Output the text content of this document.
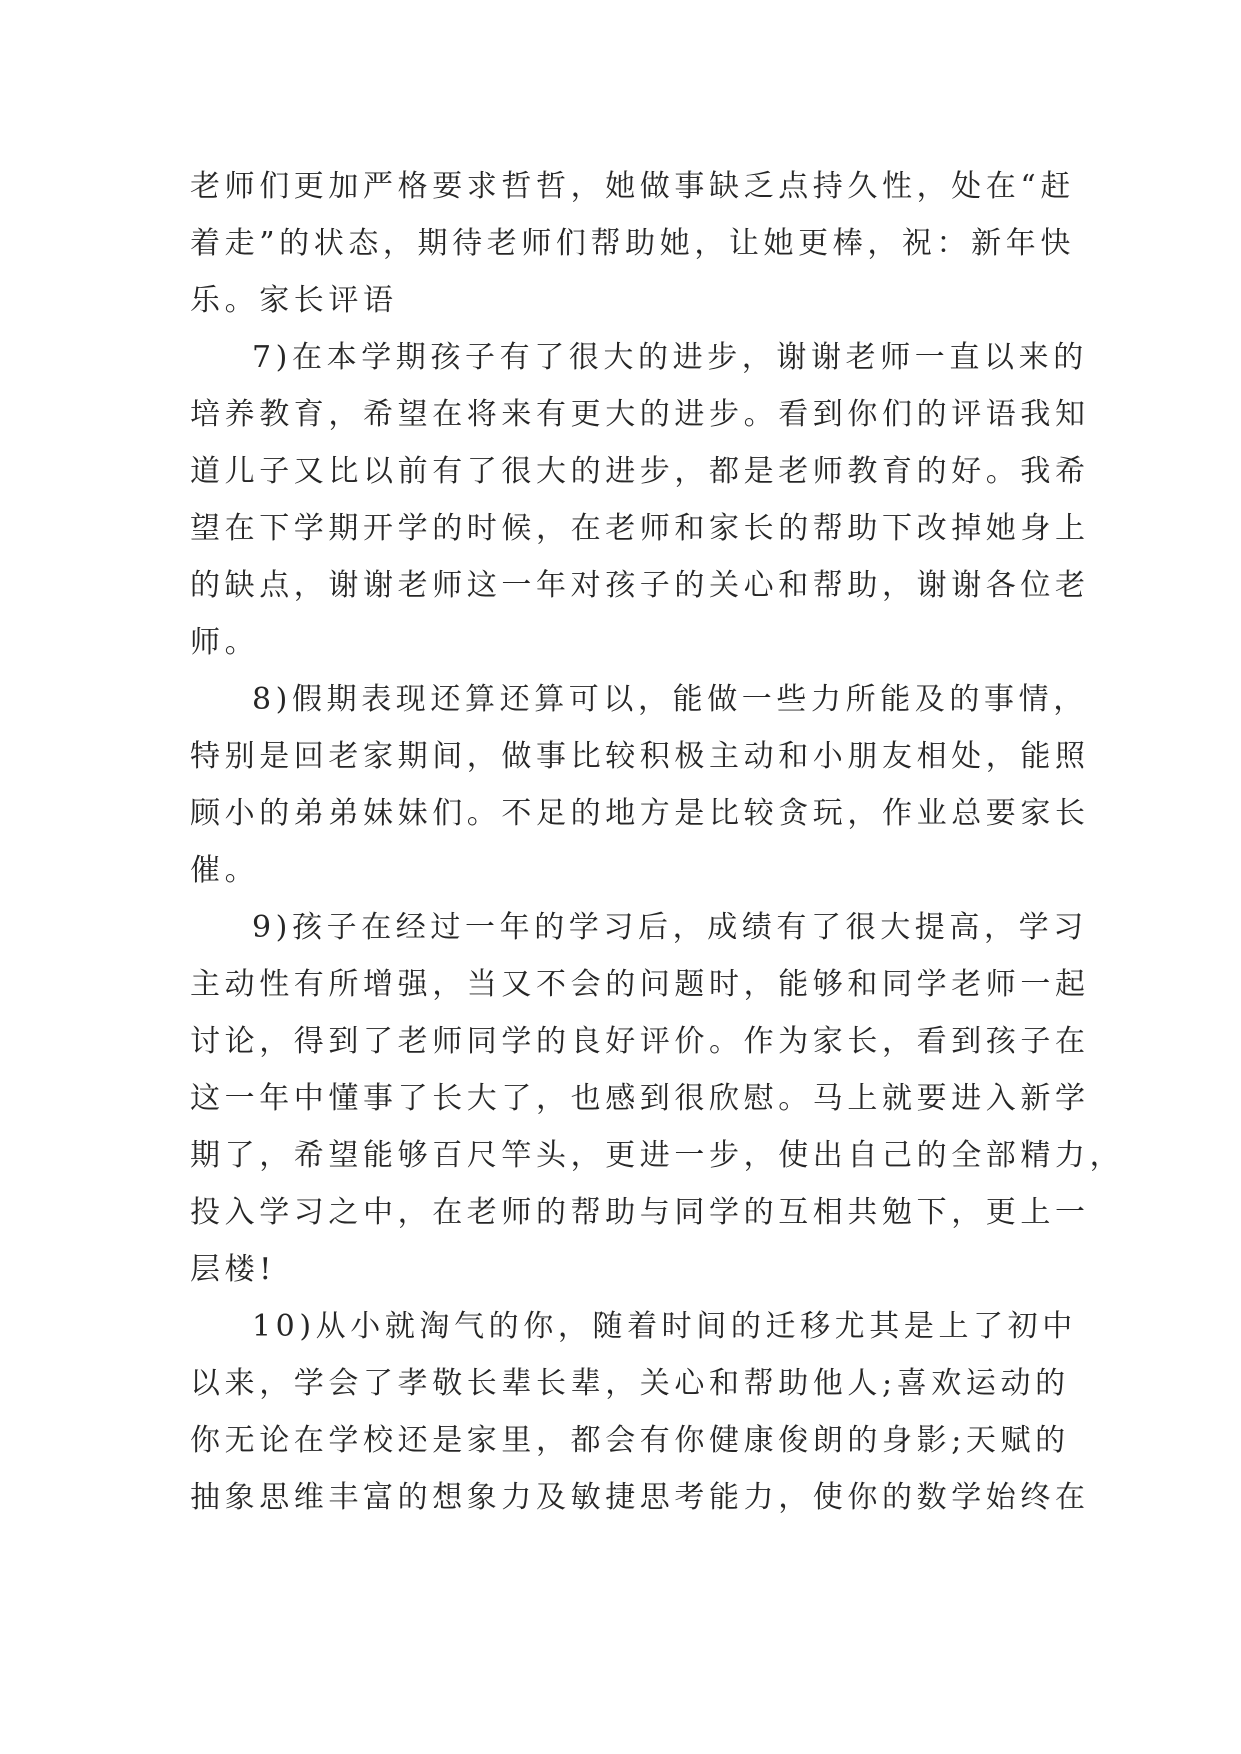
老师们更加严格要求哲哲，她做事缺乏点持久性，处在“赶
着走”的状态，期待老师们帮助她，让她更棒，祝：新年快
乐。家长评语
7)在本学期孩子有了很大的进步，谢谢老师一直以来的
培养教育，希望在将来有更大的进步。看到你们的评语我知
道儿子又比以前有了很大的进步，都是老师教育的好。我希
望在下学期开学的时候，在老师和家长的帮助下改掉她身上
的缺点，谢谢老师这一年对孩子的关心和帮助，谢谢各位老
师。
8)假期表现还算还算可以，能做一些力所能及的事情，
特别是回老家期间，做事比较积极主动和小朋友相处，能照
顾小的弟弟妹妹们。不足的地方是比较贪玩，作业总要家长
催。
9)孩子在经过一年的学习后，成绩有了很大提高，学习
主动性有所增强，当又不会的问题时，能够和同学老师一起
讨论，得到了老师同学的良好评价。作为家长，看到孩子在
这一年中懂事了长大了，也感到很欣慰。马上就要进入新学
期了，希望能够百尺竿头，更进一步，使出自己的全部精力，
投入学习之中，在老师的帮助与同学的互相共勉下，更上一
层楼!
10)从小就淘气的你，随着时间的迁移尤其是上了初中
以来，学会了孝敬长辈长辈，关心和帮助他人;喜欢运动的
你无论在学校还是家里，都会有你健康俊朗的身影;天赋的
抽象思维丰富的想象力及敏捷思考能力，使你的数学始终在
